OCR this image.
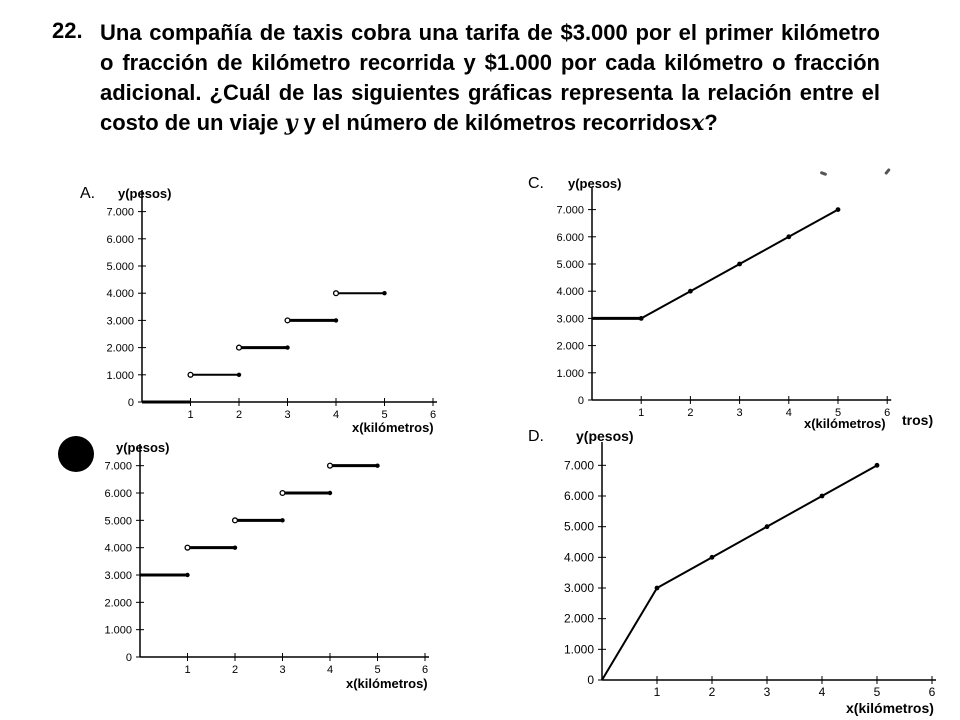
22. Una compañía de taxis cobra una tarifa de $3.000 por el primer kilómetro o fracción de kilómetro recorrida y $1.000 por cada kilómetro o fracción adicional. ¿Cuál de las siguientes gráficas representa la relación entre el costo de un viaje y y el número de kilómetros recorridosx?
A.
0
1.000
2.000
3.000
4.000
5.000
6.000
7.000
1	2	3	4	5	6
y(pesos)
x(kilómetros)
0
1.000
2.000
3.000
4.000
5.000
6.000
7.000
1	2	3	4	5	6
y(pesos)
x(kilómetros)
C.
0
1.000
2.000
3.000
4.000
5.000
6.000
7.000
1	2	3	4	5	6
y(pesos)
x(kilómetros)
D.
0
1.000
2.000
3.000
4.000
5.000
6.000
7.000
1	2	3	4	5	6
y(pesos)
x(kilómetros)
tros)
